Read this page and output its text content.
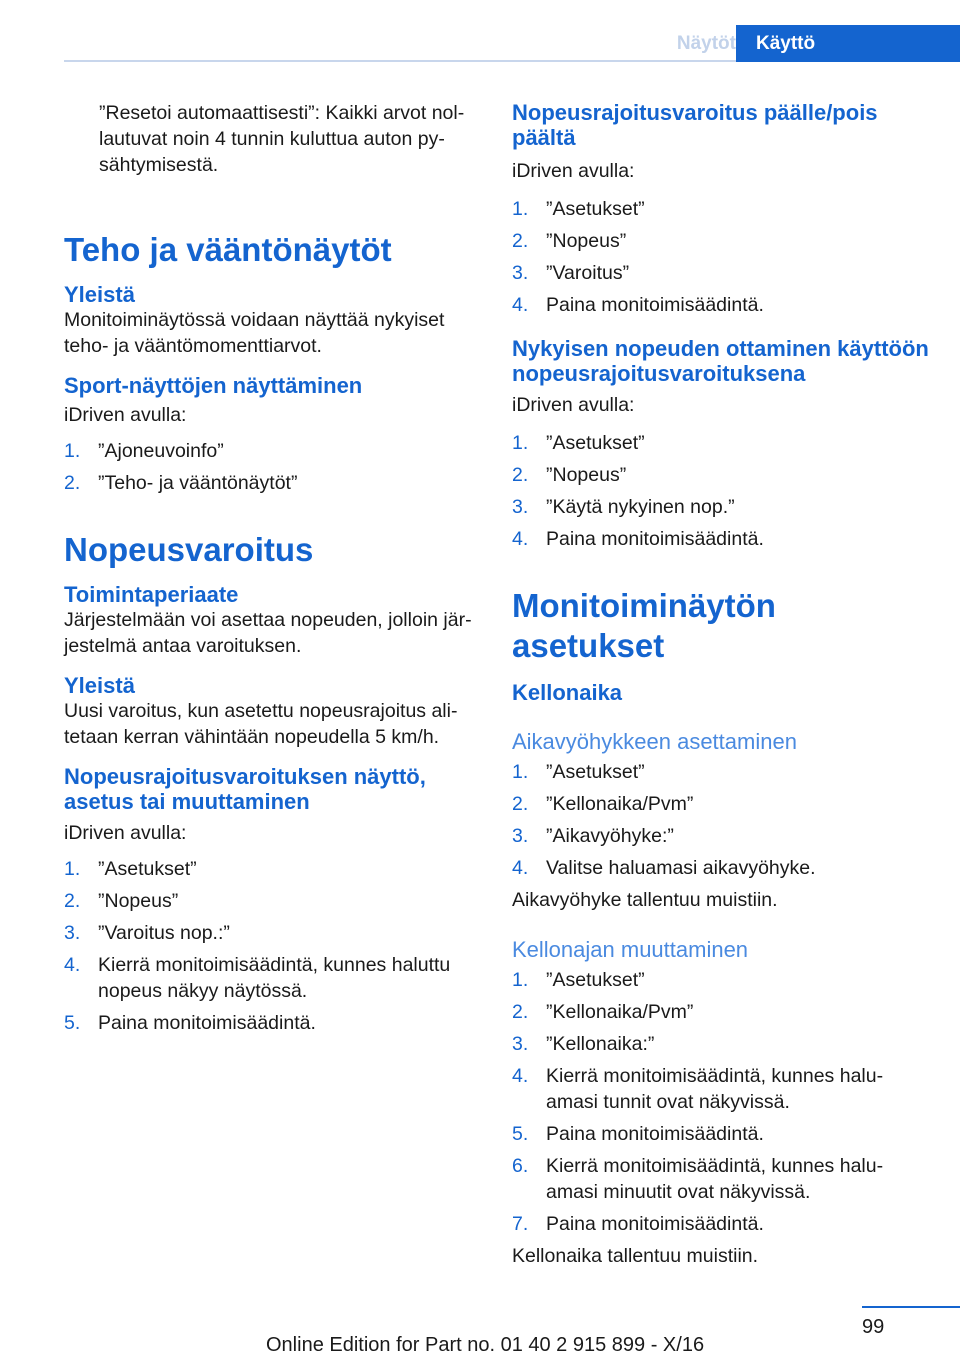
Näytöt	Käyttö

”Resetoi automaattisesti”: Kaikki arvot nol-lautuvat noin 4 tunnin kuluttua auton py-sähtymisestä.

Teho ja vääntönäytöt
Yleistä

Monitoiminäytössä voidaan näyttää nykyiset teho- ja vääntömomenttiarvot.

Sport-näyttöjen näyttäminen

iDriven avulla:

1. ”Ajoneuvoinfo”
2. ”Teho- ja vääntönäytöt”
Nopeusvaroitus
Toimintaperiaate

Järjestelmään voi asettaa nopeuden, jolloin jär-jestelmä antaa varoituksen.

Yleistä

Uusi varoitus, kun asetettu nopeusrajoitus ali-tetaan kerran vähintään nopeudella 5 km/h.

Nopeusrajoitusvaroituksen näyttö, asetus tai muuttaminen

iDriven avulla:

1. ”Asetukset”
2. ”Nopeus”
3. ”Varoitus nop.:”
4. Kierrä monitoimisäädintä, kunnes haluttu nopeus näkyy näytössä.
5. Paina monitoimisäädintä.
Nopeusrajoitusvaroitus päälle/pois päältä

iDriven avulla:

1. ”Asetukset”
2. ”Nopeus”
3. ”Varoitus”
4. Paina monitoimisäädintä.
Nykyisen nopeuden ottaminen käyttöön nopeusrajoitusvaroituksena

iDriven avulla:

1. ”Asetukset”
2. ”Nopeus”
3. ”Käytä nykyinen nop.”
4. Paina monitoimisäädintä.
Monitoiminäytön asetukset
Kellonaika
Aikavyöhykkeen asettaminen
1. ”Asetukset”
2. ”Kellonaika/Pvm”
3. ”Aikavyöhyke:”
4. Valitse haluamasi aikavyöhyke.

Aikavyöhyke tallentuu muistiin.

Kellonajan muuttaminen
1. ”Asetukset”
2. ”Kellonaika/Pvm”
3. ”Kellonaika:”
4. Kierrä monitoimisäädintä, kunnes halu-amasi tunnit ovat näkyvissä.
5. Paina monitoimisäädintä.
6. Kierrä monitoimisäädintä, kunnes halu-amasi minuutit ovat näkyvissä.
7. Paina monitoimisäädintä.

Kellonaika tallentuu muistiin.

99
Online Edition for Part no. 01 40 2 915 899 - X/16
